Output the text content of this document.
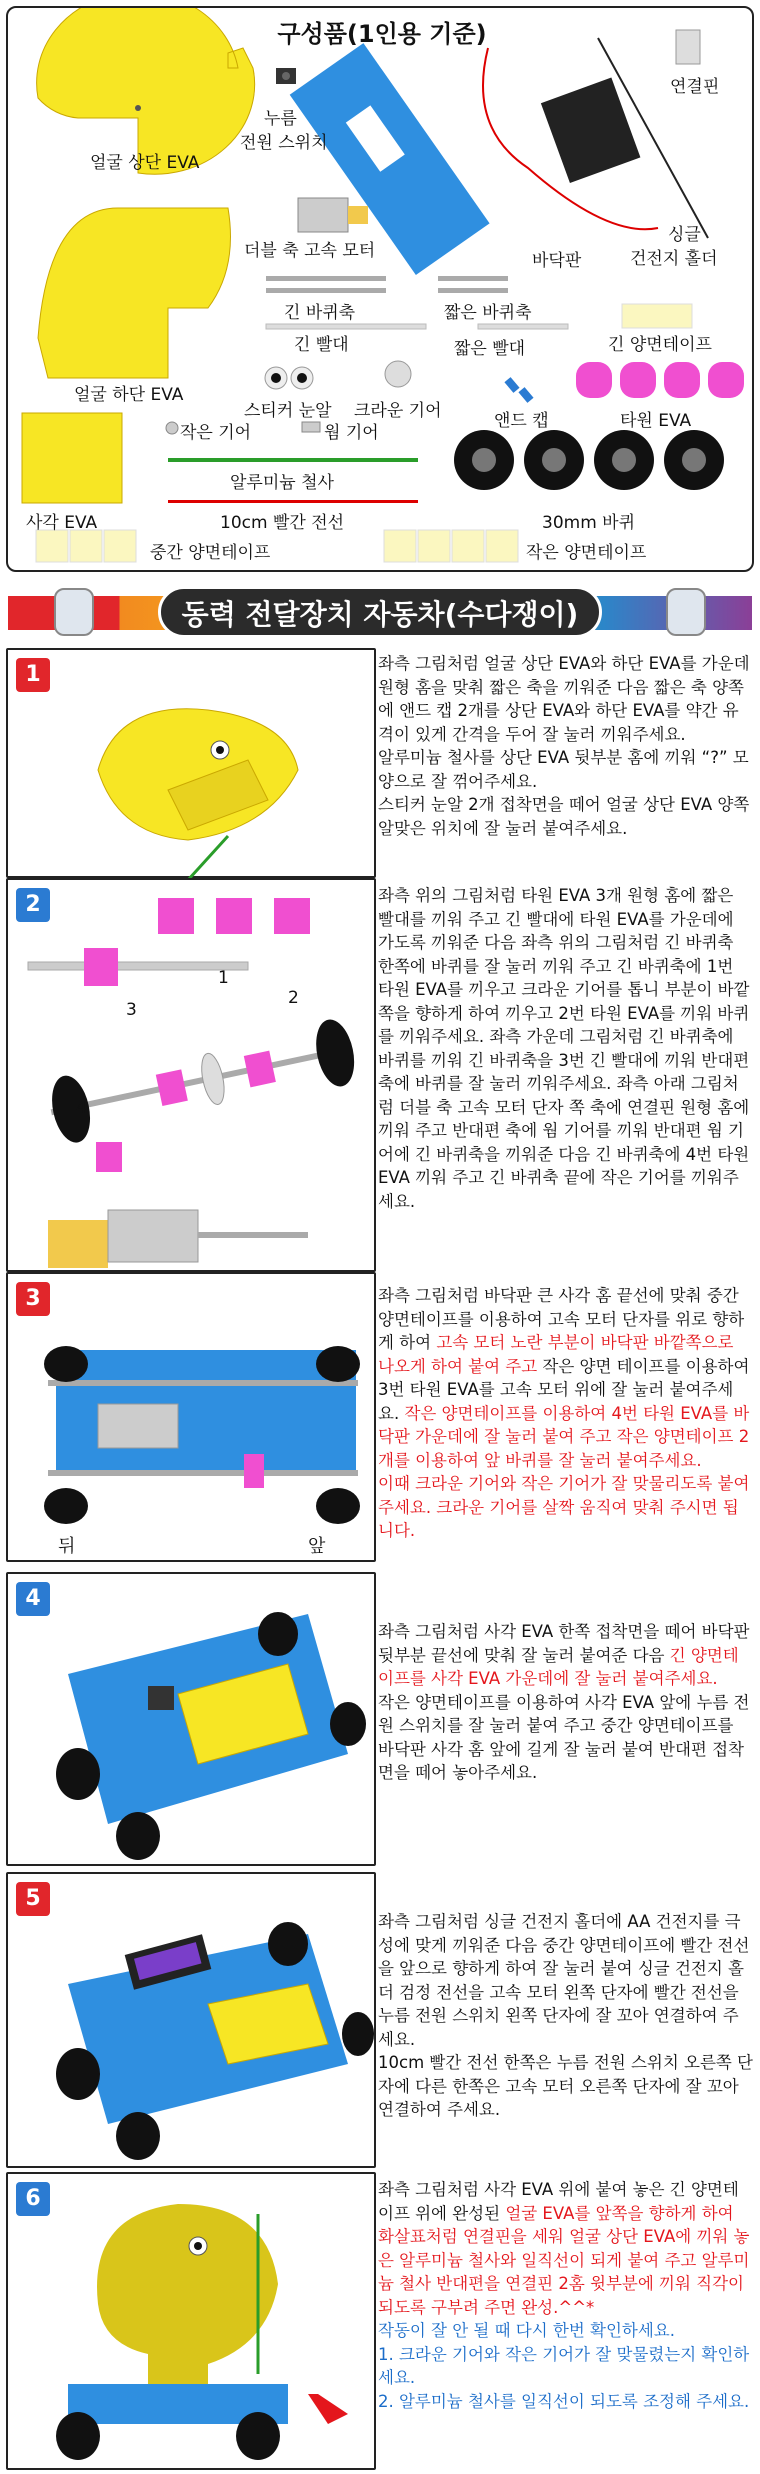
구성품(1인용 기준)
얼굴 상단 EVA
누름
전원 스위치
바닥판
연결핀
싱글
건전지 홀더
더블 축 고속 모터
긴 바퀴축	짧은 바퀴축
긴 빨대	짧은 빨대	긴 양면테이프
얼굴 하단 EVA
스티커 눈알 크라운 기어	앤드 캡	타원 EVA
작은 기어	웜 기어
알루미늄 철사
사각 EVA	10cm 빨간 전선	30mm 바퀴
중간 양면테이프	작은 양면테이프
동력 전달장치 자동차(수다쟁이)
1	좌측 그림처럼 얼굴 상단 EVA와 하단 EVA를 가운데 원형 홈을 맞춰 짧은 축을 끼워준 다음 짧은 축 양쪽에 앤드 캡 2개를 상단 EVA와 하단 EVA를 약간 유격이 있게 간격을 두어 잘 눌러 끼워주세요.

알루미늄 철사를 상단 EVA 뒷부분 홈에 끼워 “?” 모양으로 잘 꺾어주세요.

스티커 눈알 2개 접착면을 떼어 얼굴 상단 EVA 양쪽 알맞은 위치에 잘 눌러 붙여주세요.

2
1
2
3
4

좌측 위의 그림처럼 타원 EVA 3개 원형 홈에 짧은 빨대를 끼워 주고 긴 빨대에 타원 EVA를 가운데에 가도록 끼워준 다음 좌측 위의 그림처럼 긴 바퀴축 한쪽에 바퀴를 잘 눌러 끼워 주고 긴 바퀴축에 1번 타원 EVA를 끼우고 크라운 기어를 톱니 부분이 바깥쪽을 향하게 하여 끼우고 2번 타원 EVA를 끼워 바퀴를 끼워주세요. 좌측 가운데 그림처럼 긴 바퀴축에 바퀴를 끼워 긴 바퀴축을 3번 긴 빨대에 끼워 반대편 축에 바퀴를 잘 눌러 끼워주세요. 좌측 아래 그림처럼 더블 축 고속 모터 단자 쪽 축에 연결핀 원형 홈에 끼워 주고 반대편 축에 웜 기어를 끼워 반대편 웜 기어에 긴 바퀴축을 끼워준 다음 긴 바퀴축에 4번 타원 EVA 끼워 주고 긴 바퀴축 끝에 작은 기어를 끼워주세요.

3
뒤	앞

좌측 그림처럼 바닥판 큰 사각 홈 끝선에 맞춰 중간 양면테이프를 이용하여 고속 모터 단자를 위로 향하게 하여 고속 모터 노란 부분이 바닥판 바깥쪽으로 나오게 하여 붙여 주고 작은 양면 테이프를 이용하여 3번 타원 EVA를 고속 모터 위에 잘 눌러 붙여주세요. 작은 양면테이프를 이용하여 4번 타원 EVA를 바닥판 가운데에 잘 눌러 붙여 주고 작은 양면테이프 2개를 이용하여 앞 바퀴를 잘 눌러 붙여주세요.

이때 크라운 기어와 작은 기어가 잘 맞물리도록 붙여주세요. 크라운 기어를 살짝 움직여 맞춰 주시면 됩니다.

4

좌측 그림처럼 사각 EVA 한쪽 접착면을 떼어 바닥판 뒷부분 끝선에 맞춰 잘 눌러 붙여준 다음 긴 양면테이프를 사각 EVA 가운데에 잘 눌러 붙여주세요.

작은 양면테이프를 이용하여 사각 EVA 앞에 누름 전원 스위치를 잘 눌러 붙여 주고 중간 양면테이프를 바닥판 사각 홈 앞에 길게 잘 눌러 붙여 반대편 접착면을 떼어 놓아주세요.

5

좌측 그림처럼 싱글 건전지 홀더에 AA 건전지를 극성에 맞게 끼워준 다음 중간 양면테이프에 빨간 전선을 앞으로 향하게 하여 잘 눌러 붙여 싱글 건전지 홀더 검정 전선을 고속 모터 왼쪽 단자에 빨간 전선을 누름 전원 스위치 왼쪽 단자에 잘 꼬아 연결하여 주세요.

10cm 빨간 전선 한쪽은 누름 전원 스위치 오른쪽 단자에 다른 한쪽은 고속 모터 오른쪽 단자에 잘 꼬아 연결하여 주세요.

6	좌측 그림처럼 사각 EVA 위에 붙여 놓은 긴 양면테이프 위에 완성된 얼굴 EVA를 앞쪽을 향하게 하여 화살표처럼 연결핀을 세워 얼굴 상단 EVA에 끼워 놓은 알루미늄 철사와 일직선이 되게 붙여 주고 알루미늄 철사 반대편을 연결핀 2홈 윗부분에 끼워 직각이 되도록 구부려 주면 완성.^^*

작동이 잘 안 될 때 다시 한번 확인하세요.

1. 크라운 기어와 작은 기어가 잘 맞물렸는지 확인하세요.

2. 알루미늄 철사를 일직선이 되도록 조정해 주세요.
